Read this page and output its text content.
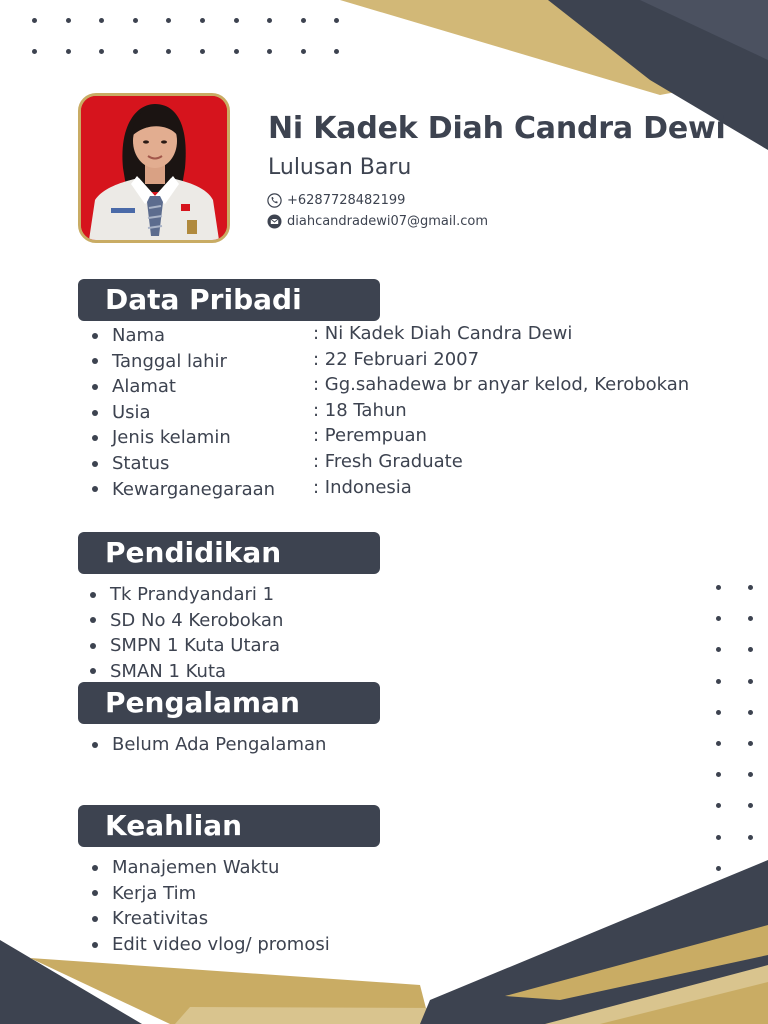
Ni Kadek Diah Candra Dewi

Lulusan Baru

+6287728482199
diahcandradewi07@gmail.com
Data Pribadi
Nama
Tanggal lahir
Alamat
Usia
Jenis kelamin
Status
Kewarganegaraan
: Ni Kadek Diah Candra Dewi
: 22 Februari 2007
: Gg.sahadewa br anyar kelod, Kerobokan
: 18 Tahun
: Perempuan
: Fresh Graduate
: Indonesia
Pendidikan
Tk Prandyandari 1
SD No 4 Kerobokan
SMPN 1 Kuta Utara
SMAN 1 Kuta
Pengalaman
Belum Ada Pengalaman
Keahlian
Manajemen Waktu
Kerja Tim
Kreativitas
Edit video vlog/ promosi
